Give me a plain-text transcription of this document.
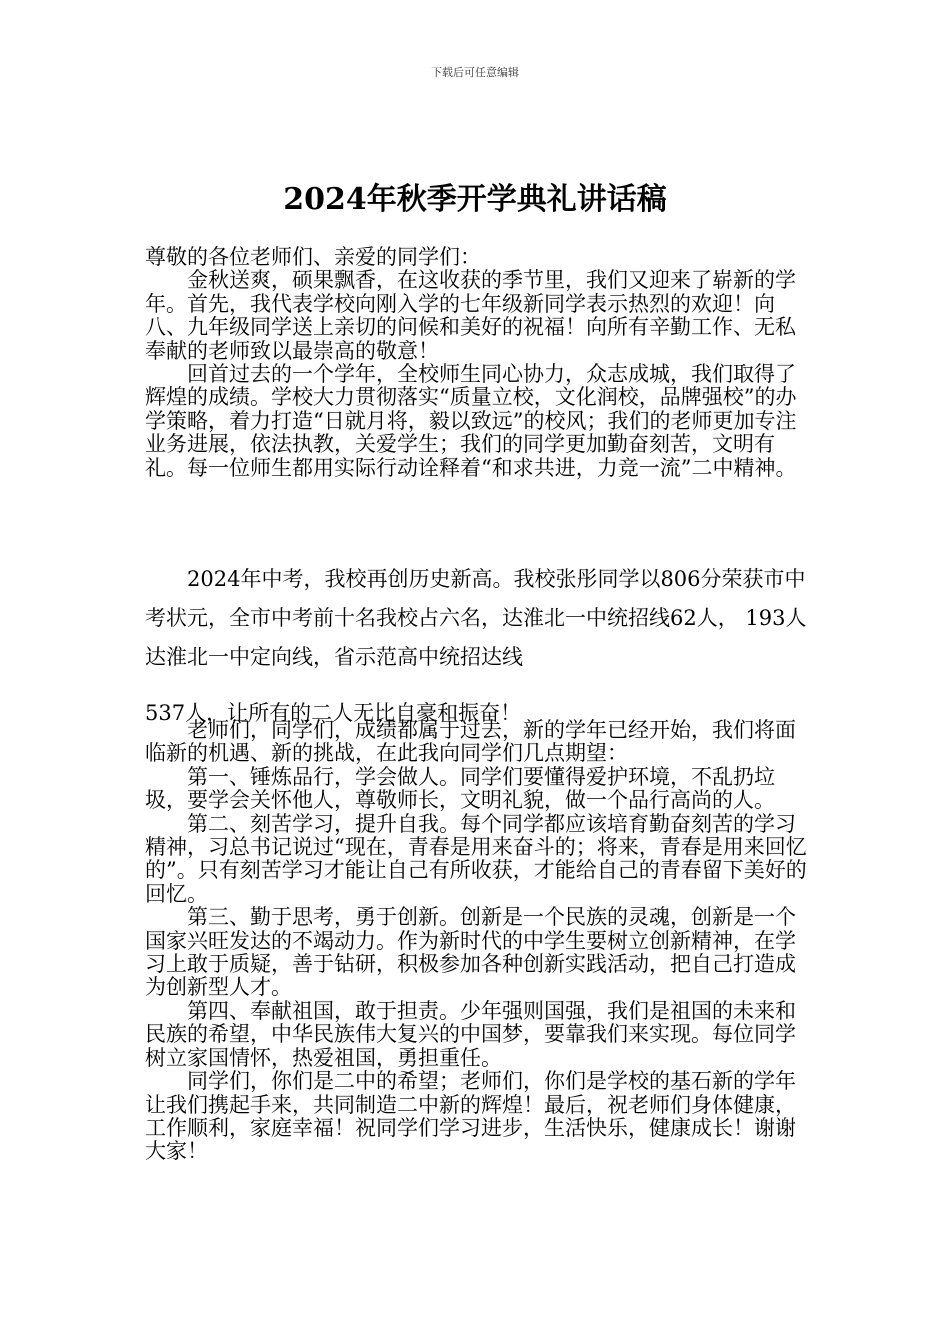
下载后可任意编辑
2024年秋季开学典礼讲话稿

尊敬的各位老师们、亲爱的同学们：

金秋送爽，硕果飘香，在这收获的季节里，我们又迎来了崭新的学年。首先，我代表学校向刚入学的七年级新同学表示热烈的欢迎！向八、九年级同学送上亲切的问候和美好的祝福！向所有辛勤工作、无私奉献的老师致以最崇高的敬意！

回首过去的一个学年，全校师生同心协力，众志成城，我们取得了辉煌的成绩。学校大力贯彻落实“质量立校，文化润校，品牌强校”的办学策略，着力打造“日就月将，毅以致远”的校风；我们的老师更加专注业务进展，依法执教，关爱学生；我们的同学更加勤奋刻苦，文明有礼。每一位师生都用实际行动诠释着“和求共进，力竞一流”二中精神。

2024年中考，我校再创历史新高。我校张彤同学以806分荣获市中考状元，全市中考前十名我校占六名，达淮北一中统招线62人， 193人达淮北一中定向线，省示范高中统招达线

537人，让所有的二人无比自豪和振奋！

老师们，同学们，成绩都属于过去，新的学年已经开始，我们将面临新的机遇、新的挑战，在此我向同学们几点期望：

第一、锤炼品行，学会做人。同学们要懂得爱护环境，不乱扔垃圾，要学会关怀他人，尊敬师长，文明礼貌，做一个品行高尚的人。

第二、刻苦学习，提升自我。每个同学都应该培育勤奋刻苦的学习精神，习总书记说过“现在，青春是用来奋斗的；将来，青春是用来回忆的”。只有刻苦学习才能让自己有所收获，才能给自己的青春留下美好的回忆。

第三、勤于思考，勇于创新。创新是一个民族的灵魂，创新是一个国家兴旺发达的不竭动力。作为新时代的中学生要树立创新精神，在学习上敢于质疑，善于钻研，积极参加各种创新实践活动，把自己打造成为创新型人才。

第四、奉献祖国，敢于担责。少年强则国强，我们是祖国的未来和民族的希望，中华民族伟大复兴的中国梦，要靠我们来实现。每位同学树立家国情怀，热爱祖国，勇担重任。

同学们，你们是二中的希望；老师们，你们是学校的基石新的学年让我们携起手来，共同制造二中新的辉煌！最后，祝老师们身体健康，工作顺利，家庭幸福！祝同学们学习进步，生活快乐，健康成长！谢谢大家！
